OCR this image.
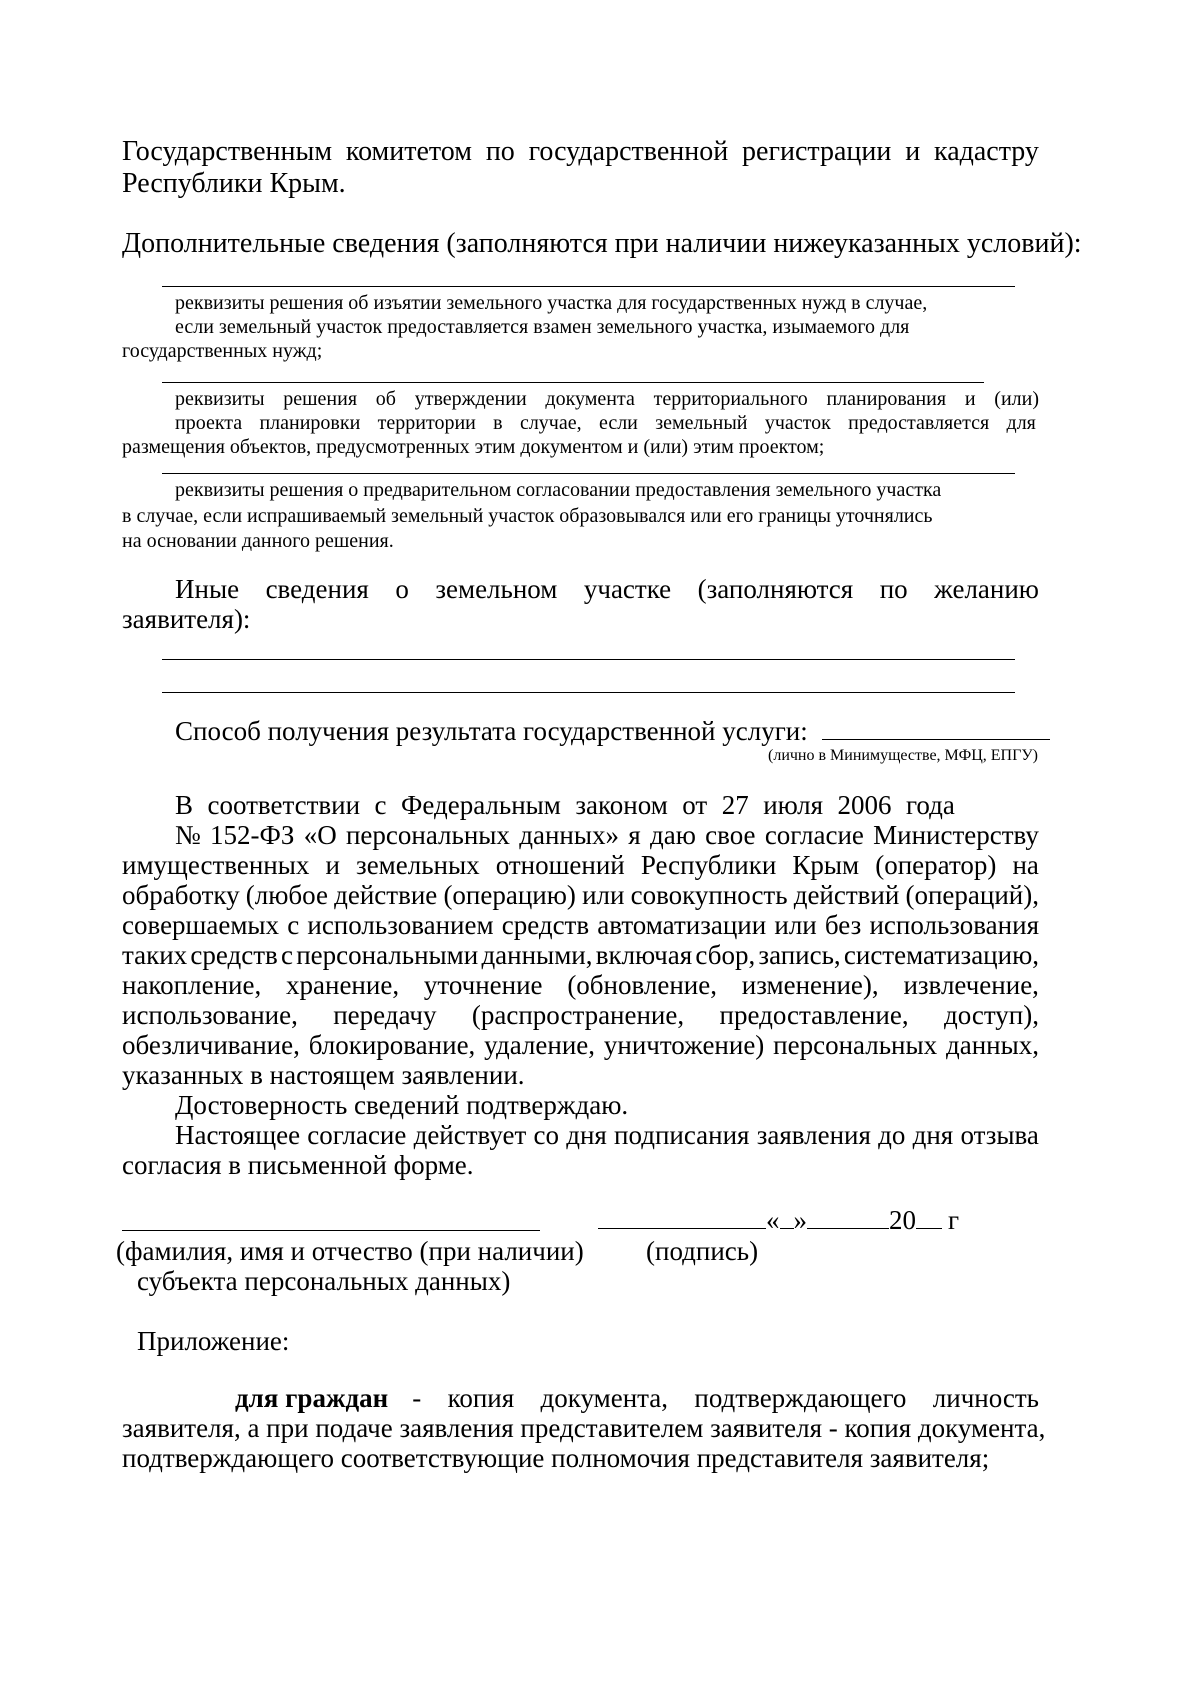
Государственным комитетом по государственной регистрации и кадастру
Республики Крым.
Дополнительные сведения (заполняются при наличии нижеуказанных условий):
реквизиты решения об изъятии земельного участка для государственных нужд в случае,
если земельный участок предоставляется взамен земельного участка, изымаемого для
государственных нужд;
реквизиты решения об утверждении документа территориального планирования и (или)
проекта планировки территории в случае, если земельный участок предоставляется для
размещения объектов, предусмотренных этим документом и (или) этим проектом;
реквизиты решения о предварительном согласовании предоставления земельного участка
в случае, если испрашиваемый земельный участок образовывался или его границы уточнялись
на основании данного решения.
Иные сведения о земельном участке (заполняются по желанию
заявителя):
Способ получения результата государственной услуги:
(лично в Минимуществе, МФЦ, ЕПГУ)
В соответствии с Федеральным законом от 27 июля 2006 года
№ 152-ФЗ «О персональных данных» я даю свое согласие Министерству
имущественных и земельных отношений Республики Крым (оператор) на
обработку (любое действие (операцию) или совокупность действий (операций),
совершаемых с использованием средств автоматизации или без использования
таких средств с персональными данными, включая сбор, запись, систематизацию,
накопление, хранение, уточнение (обновление, изменение), извлечение,
использование, передачу (распространение, предоставление, доступ),
обезличивание, блокирование, удаление, уничтожение) персональных данных,
указанных в настоящем заявлении.
Достоверность сведений подтверждаю.
Настоящее согласие действует со дня подписания заявления до дня отзыва
согласия в письменной форме.
« »	20 г
(фамилия, имя и отчество (при наличии) (подпись)
субъекта персональных данных)
Приложение:
для граждан - копия документа, подтверждающего личность
заявителя, а при подаче заявления представителем заявителя - копия документа,
подтверждающего соответствующие полномочия представителя заявителя;
